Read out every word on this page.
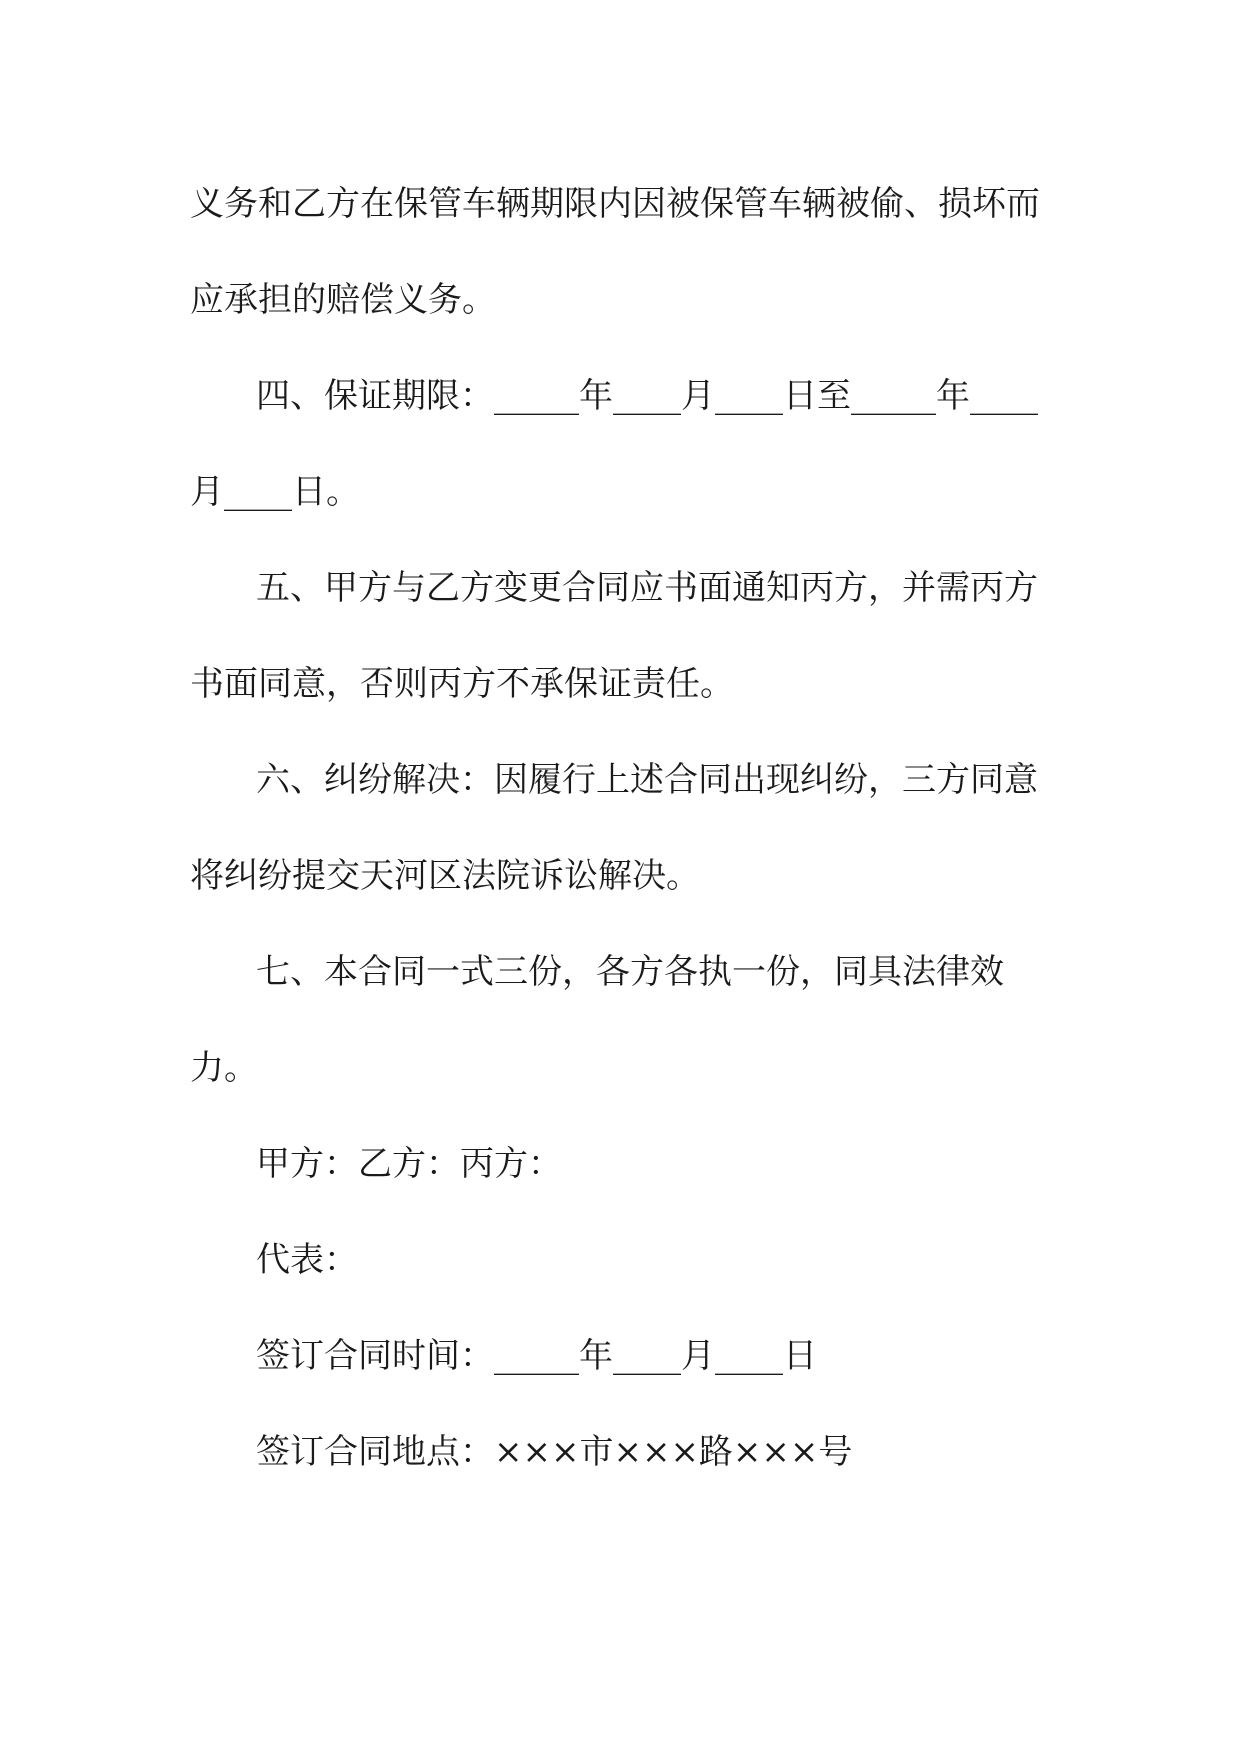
义务和乙方在保管车辆期限内因被保管车辆被偷、损坏而
应承担的赔偿义务。
四、保证期限：_____年____月____日至_____年____
月____日。
五、甲方与乙方变更合同应书面通知丙方，并需丙方
书面同意，否则丙方不承保证责任。
六、纠纷解决：因履行上述合同出现纠纷，三方同意
将纠纷提交天河区法院诉讼解决。
七、本合同一式三份，各方各执一份，同具法律效
力。
甲方：乙方：丙方：
代表：
签订合同时间：_____年____月____日
签订合同地点：×××市×××路×××号
